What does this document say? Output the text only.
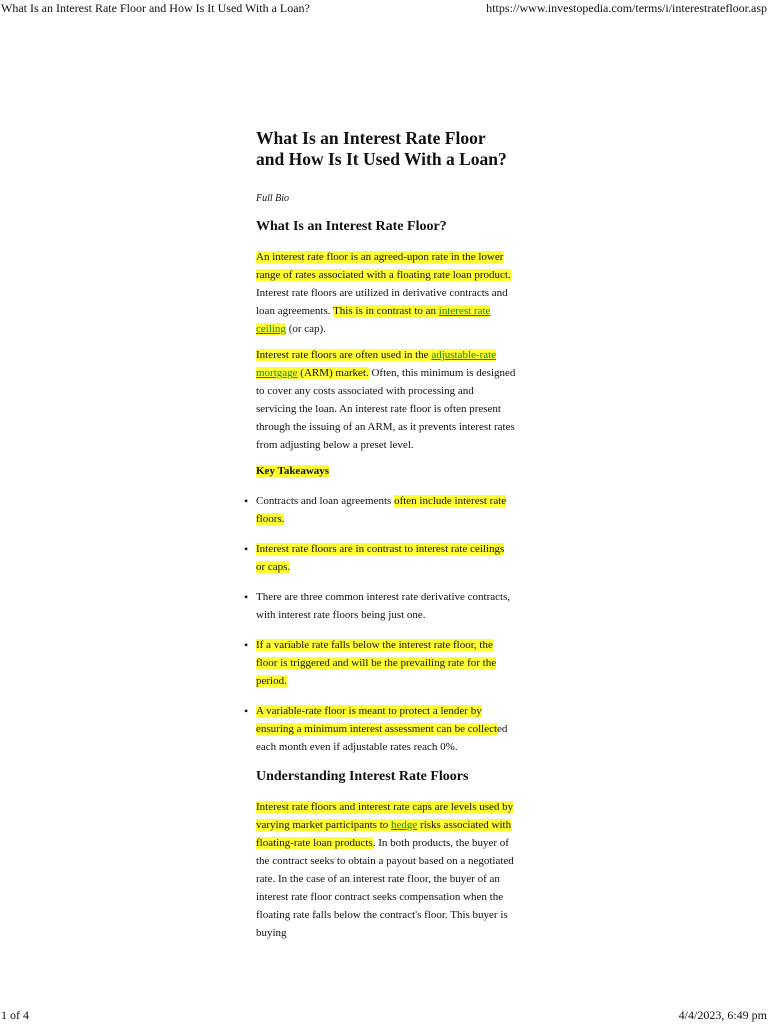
What Is an Interest Rate Floor and How Is It Used With a Loan?	https://www.investopedia.com/terms/i/interestratefloor.asp
What Is an Interest Rate Floor and How Is It Used With a Loan?
Full Bio
What Is an Interest Rate Floor?

An interest rate floor is an agreed-upon rate in the lower range of rates associated with a floating rate loan product. Interest rate floors are utilized in derivative contracts and loan agreements. This is in contrast to an interest rate ceiling (or cap).

Interest rate floors are often used in the adjustable-rate mortgage (ARM) market. Often, this minimum is designed to cover any costs associated with processing and servicing the loan. An interest rate floor is often present through the issuing of an ARM, as it prevents interest rates from adjusting below a preset level.

Key Takeaways
• Contracts and loan agreements often include interest rate floors.
• Interest rate floors are in contrast to interest rate ceilings or caps.
• There are three common interest rate derivative contracts, with interest rate floors being just one.
• If a variable rate falls below the interest rate floor, the floor is triggered and will be the prevailing rate for the period.
• A variable-rate floor is meant to protect a lender by ensuring a minimum interest assessment can be collected each month even if adjustable rates reach 0%.
Understanding Interest Rate Floors

Interest rate floors and interest rate caps are levels used by varying market participants to hedge risks associated with floating-rate loan products. In both products, the buyer of the contract seeks to obtain a payout based on a negotiated rate. In the case of an interest rate floor, the buyer of an interest rate floor contract seeks compensation when the floating rate falls below the contract's floor. This buyer is buying

1 of 4	4/4/2023, 6:49 pm
